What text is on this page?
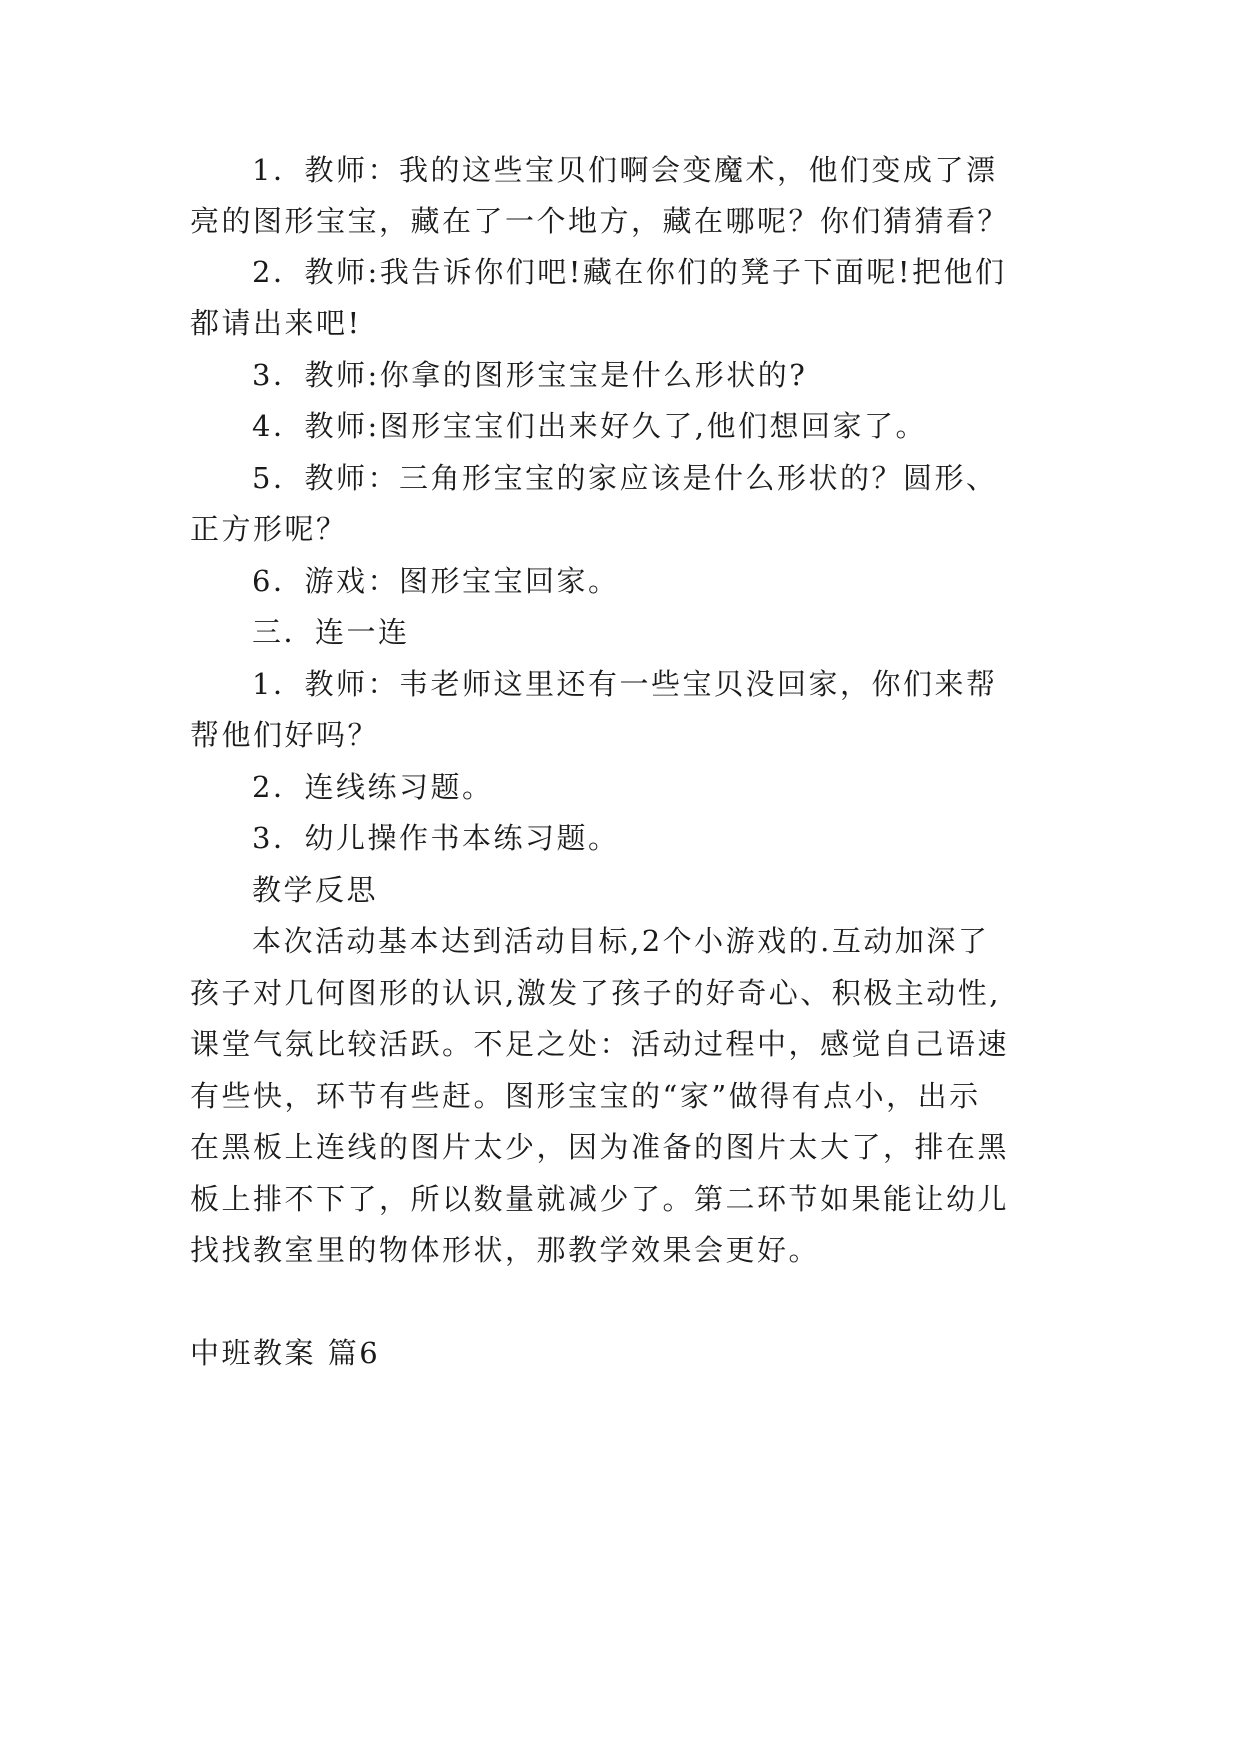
1．教师：我的这些宝贝们啊会变魔术，他们变成了漂
亮的图形宝宝，藏在了一个地方，藏在哪呢？你们猜猜看？
2．教师:我告诉你们吧!藏在你们的凳子下面呢!把他们
都请出来吧!
3．教师:你拿的图形宝宝是什么形状的?
4．教师:图形宝宝们出来好久了,他们想回家了。
5．教师：三角形宝宝的家应该是什么形状的？圆形、
正方形呢？
6．游戏：图形宝宝回家。
三．连一连
1．教师：韦老师这里还有一些宝贝没回家，你们来帮
帮他们好吗？
2．连线练习题。
3．幼儿操作书本练习题。
教学反思
本次活动基本达到活动目标,2个小游戏的.互动加深了
孩子对几何图形的认识,激发了孩子的好奇心、积极主动性,
课堂气氛比较活跃。不足之处：活动过程中，感觉自己语速
有些快，环节有些赶。图形宝宝的“家”做得有点小，出示
在黑板上连线的图片太少，因为准备的图片太大了，排在黑
板上排不下了，所以数量就减少了。第二环节如果能让幼儿
找找教室里的物体形状，那教学效果会更好。
中班教案 篇6
